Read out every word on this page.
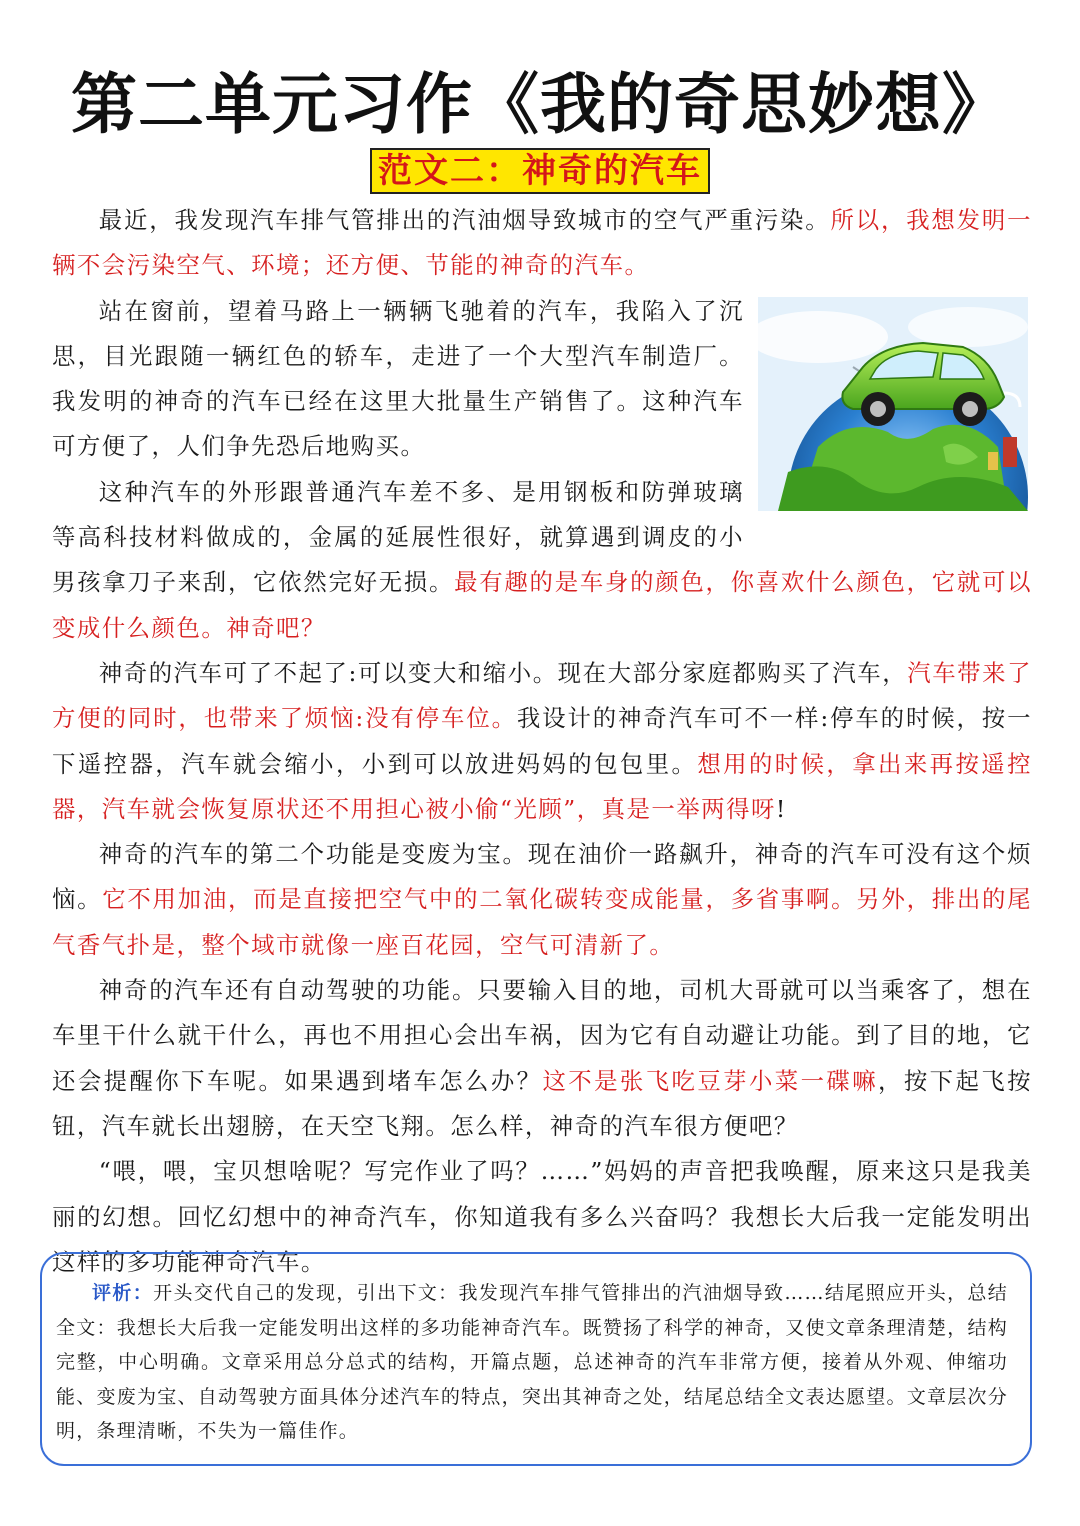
第二单元习作《我的奇思妙想》
范文二：神奇的汽车

最近，我发现汽车排气管排出的汽油烟导致城市的空气严重污染。所以，我想发明一辆不会污染空气、环境；还方便、节能的神奇的汽车。

站在窗前，望着马路上一辆辆飞驰着的汽车，我陷入了沉思，目光跟随一辆红色的轿车，走进了一个大型汽车制造厂。我发明的神奇的汽车已经在这里大批量生产销售了。这种汽车可方便了，人们争先恐后地购买。

这种汽车的外形跟普通汽车差不多、是用钢板和防弹玻璃等高科技材料做成的，金属的延展性很好，就算遇到调皮的小男孩拿刀子来刮，它依然完好无损。最有趣的是车身的颜色，你喜欢什么颜色，它就可以变成什么颜色。神奇吧？

神奇的汽车可了不起了:可以变大和缩小。现在大部分家庭都购买了汽车，汽车带来了方便的同时，也带来了烦恼:没有停车位。我设计的神奇汽车可不一样:停车的时候，按一下遥控器，汽车就会缩小，小到可以放进妈妈的包包里。想用的时候，拿出来再按遥控器，汽车就会恢复原状还不用担心被小偷“光顾”，真是一举两得呀!

神奇的汽车的第二个功能是变废为宝。现在油价一路飙升，神奇的汽车可没有这个烦恼。它不用加油，而是直接把空气中的二氧化碳转变成能量，多省事啊。另外，排出的尾气香气扑是，整个域市就像一座百花园，空气可清新了。

神奇的汽车还有自动驾驶的功能。只要输入目的地，司机大哥就可以当乘客了，想在车里干什么就干什么，再也不用担心会出车祸，因为它有自动避让功能。到了目的地，它还会提醒你下车呢。如果遇到堵车怎么办？这不是张飞吃豆芽小菜一碟嘛，按下起飞按钮，汽车就长出翅膀，在天空飞翔。怎么样，神奇的汽车很方便吧？

“喂，喂，宝贝想啥呢？写完作业了吗？……”妈妈的声音把我唤醒，原来这只是我美丽的幻想。回忆幻想中的神奇汽车，你知道我有多么兴奋吗？我想长大后我一定能发明出这样的多功能神奇汽车。

评析：开头交代自己的发现，引出下文：我发现汽车排气管排出的汽油烟导致……结尾照应开头，总结全文：我想长大后我一定能发明出这样的多功能神奇汽车。既赞扬了科学的神奇，又使文章条理清楚，结构完整，中心明确。文章采用总分总式的结构，开篇点题，总述神奇的汽车非常方便，接着从外观、伸缩功能、变废为宝、自动驾驶方面具体分述汽车的特点，突出其神奇之处，结尾总结全文表达愿望。文章层次分明，条理清晰，不失为一篇佳作。
